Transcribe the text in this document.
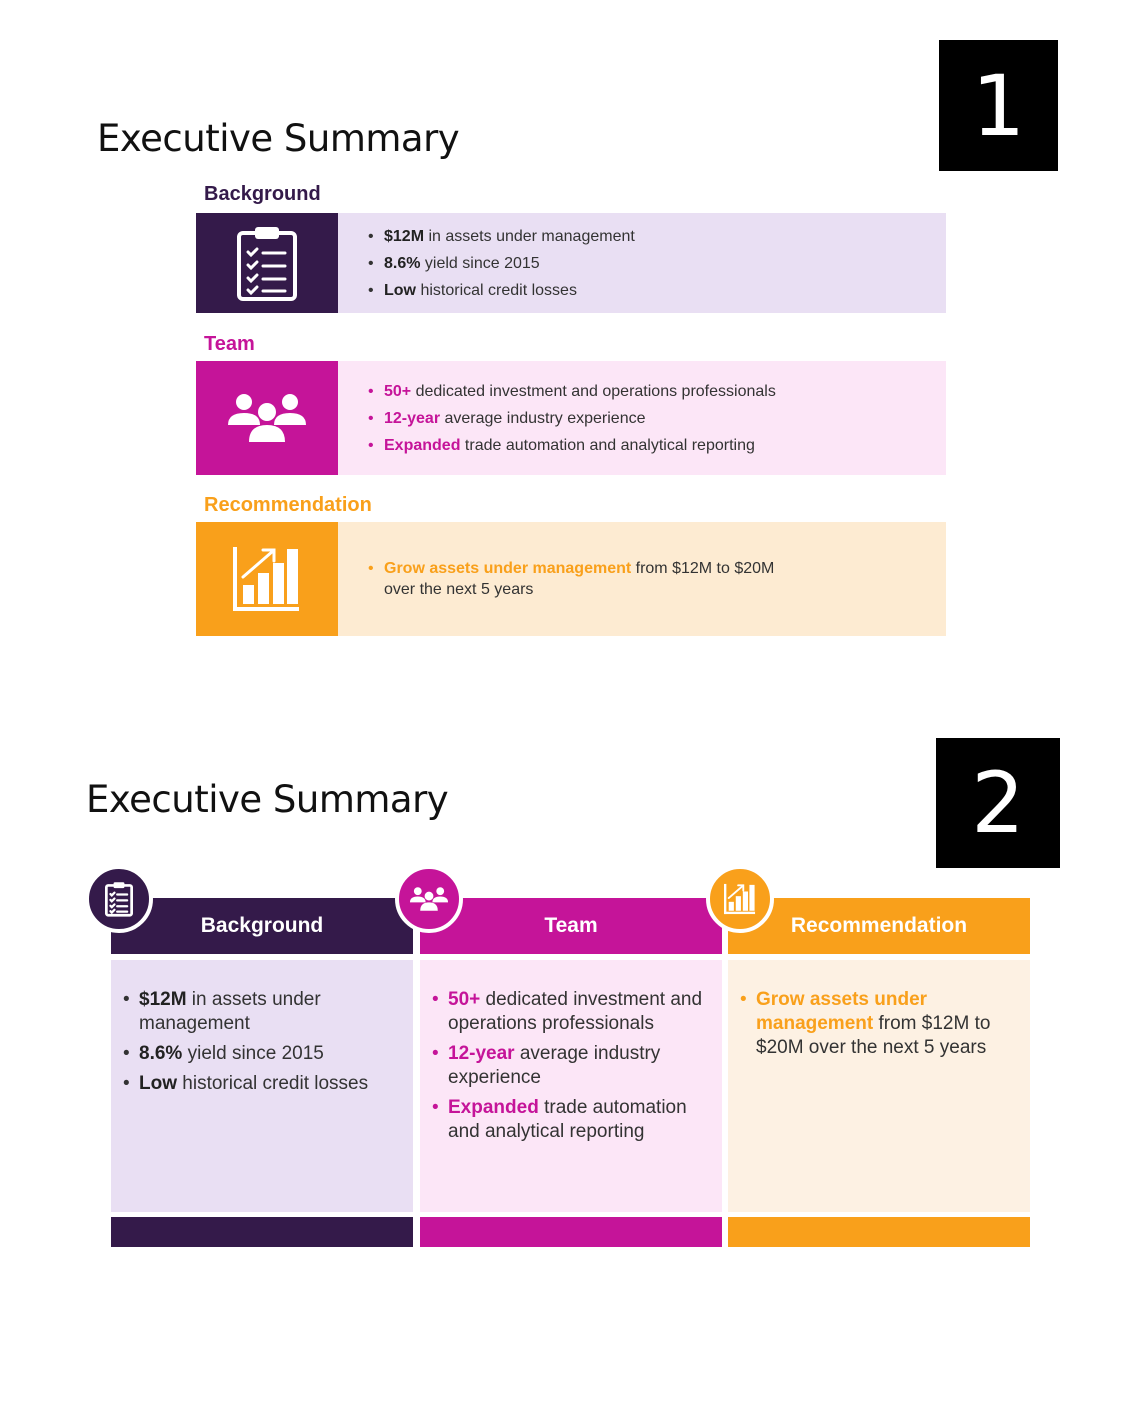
1
2
Executive Summary
Background
• $12M in assets under management
• 8.6% yield since 2015
• Low historical credit losses
Team
• 50+ dedicated investment and operations professionals
• 12-year average industry experience
• Expanded trade automation and analytical reporting
Recommendation
• Grow assets under management from $12M to $20M over the next 5 years
Executive Summary
Background
• $12M in assets under management
• 8.6% yield since 2015
• Low historical credit losses
Team
• 50+ dedicated investment and operations professionals
• 12-year average industry experience
• Expanded trade automation and analytical reporting
Recommendation
• Grow assets under management from $12M to $20M over the next 5 years
